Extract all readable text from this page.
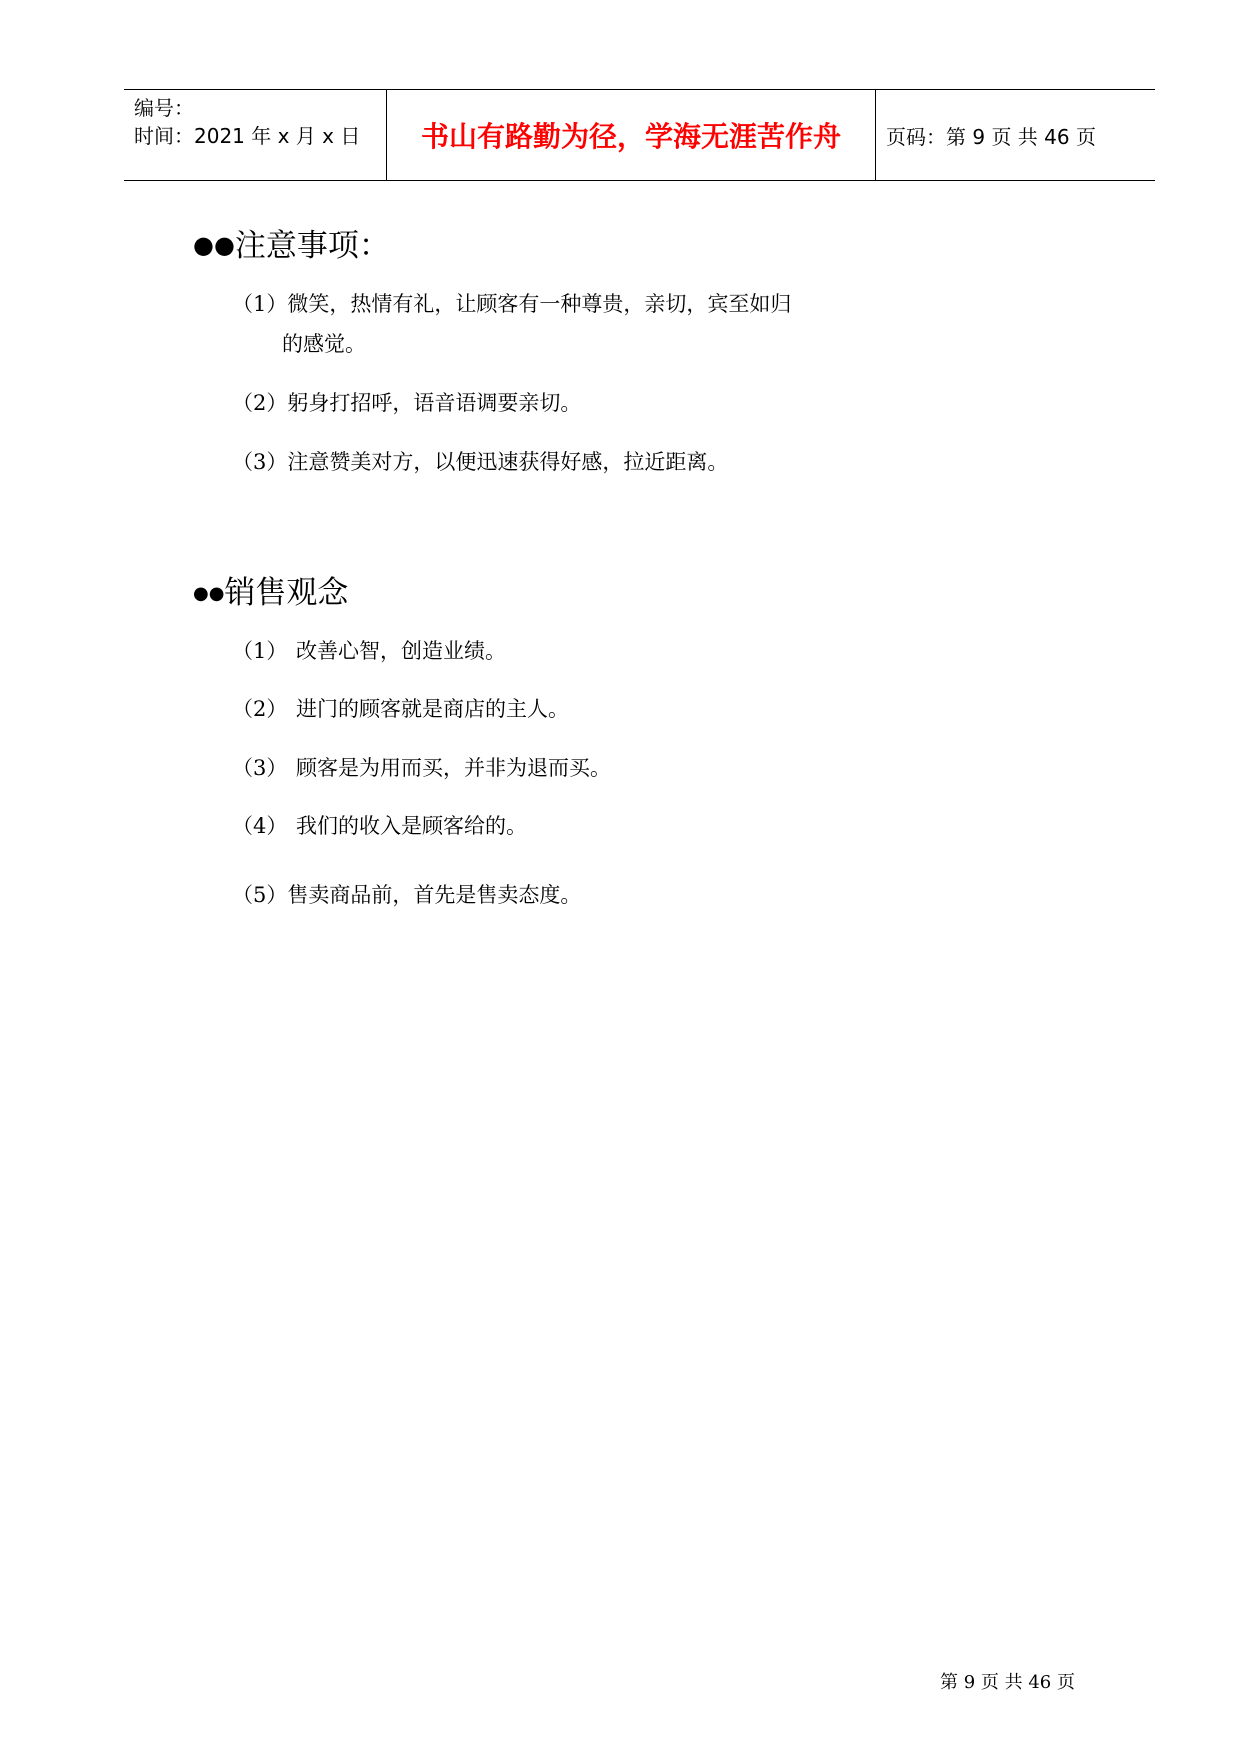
编号：
时间：2021 年 x 月 x 日 书山有路勤为径，学海无涯苦作舟 页码：第 9 页 共 46 页
●●注意事项：
（1）微笑，热情有礼，让顾客有一种尊贵，亲切，宾至如归
的感觉。
（2）躬身打招呼，语音语调要亲切。
（3）注意赞美对方，以便迅速获得好感，拉近距离。
●●销售观念
（1） 改善心智，创造业绩。
（2） 进门的顾客就是商店的主人。
（3） 顾客是为用而买，并非为退而买。
（4） 我们的收入是顾客给的。
（5）售卖商品前，首先是售卖态度。
第 9 页 共 46 页
